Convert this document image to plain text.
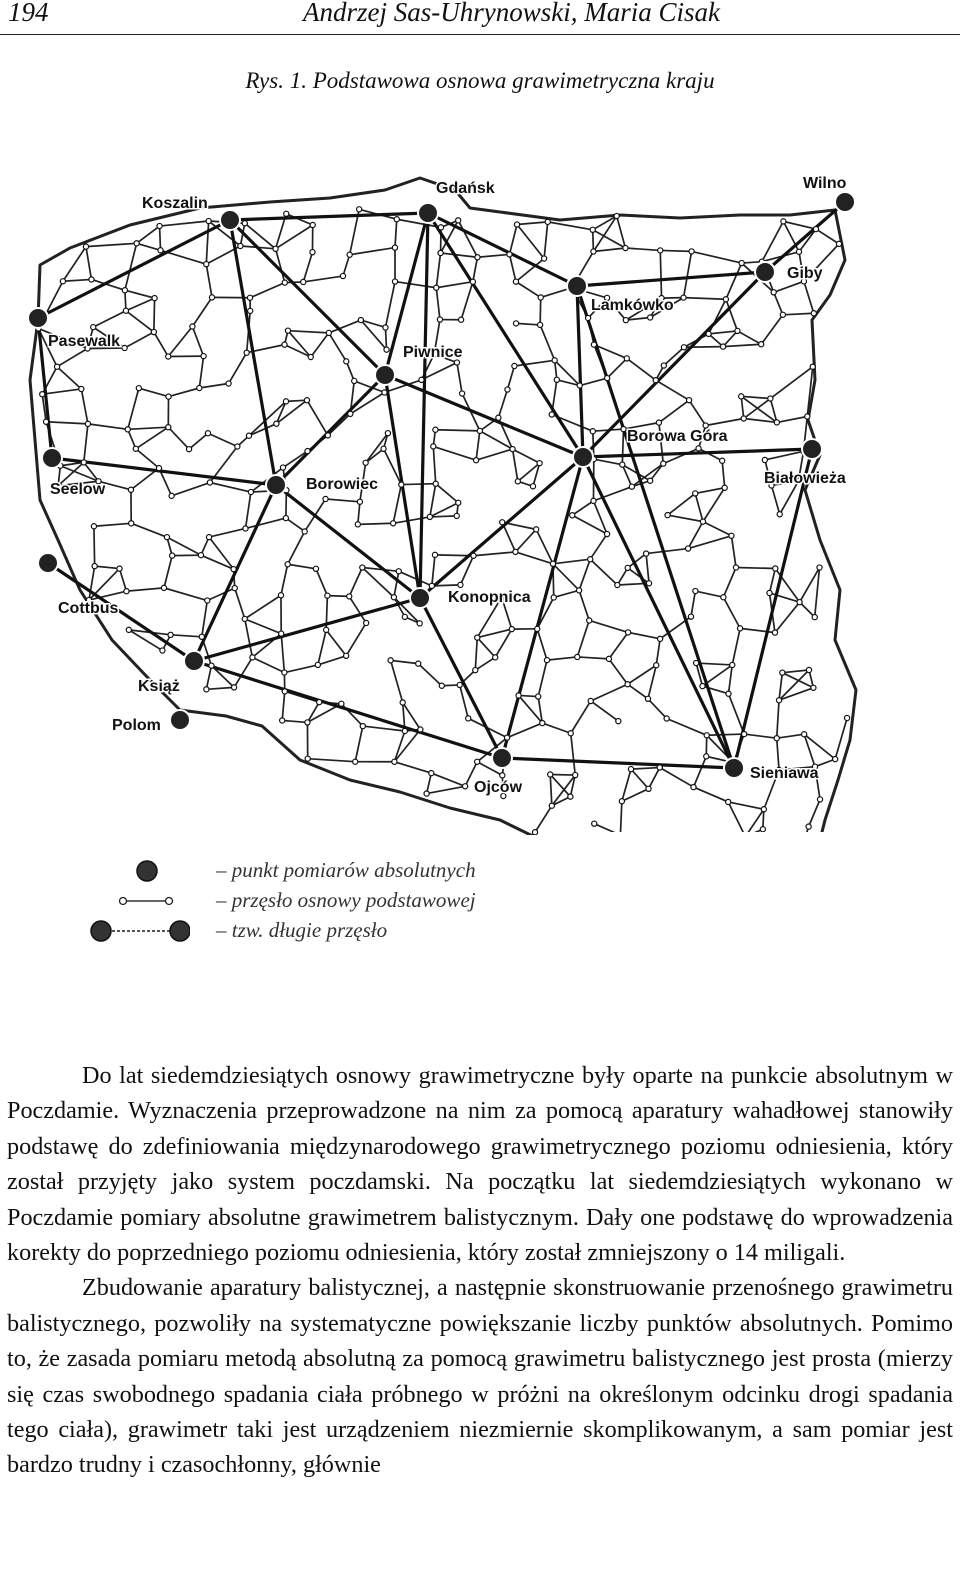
194	Andrzej Sas-Uhrynowski, Maria Cisak
Rys. 1. Podstawowa osnowa grawimetryczna kraju
Koszalin
Gdańsk	Wilno
Giby
Lamkówko
Pasewalk
Piwnice
Borowa Góra
Białowieża
Seelow	Borowiec
Cottbus
Konopnica
Książ
Polom
Ojców
Sieniawa
– punkt pomiarów absolutnych
– przęsło osnowy podstawowej
– tzw. długie przęsło

Do lat siedemdziesiątych osnowy grawimetryczne były oparte na punkcie absolutnym w Poczdamie. Wyznaczenia przeprowadzone na nim za pomocą aparatury wahadłowej stanowiły podstawę do zdefiniowania międzynarodowego grawimetrycznego poziomu odniesienia, który został przyjęty jako system poczdamski. Na początku lat siedemdziesiątych wykonano w Poczdamie pomiary absolutne grawimetrem balistycznym. Dały one podstawę do wprowadzenia korekty do poprzedniego poziomu odniesienia, który został zmniejszony o 14 miligali.

Zbudowanie aparatury balistycznej, a następnie skonstruowanie przenośnego grawimetru balistycznego, pozwoliły na systematyczne powiększanie liczby punktów absolutnych. Pomimo to, że zasada pomiaru metodą absolutną za pomocą grawimetru balistycznego jest prosta (mierzy się czas swobodnego spadania ciała próbnego w próżni na określonym odcinku drogi spadania tego ciała), grawimetr taki jest urządzeniem niezmiernie skomplikowanym, a sam pomiar jest bardzo trudny i czasochłonny, głównie
